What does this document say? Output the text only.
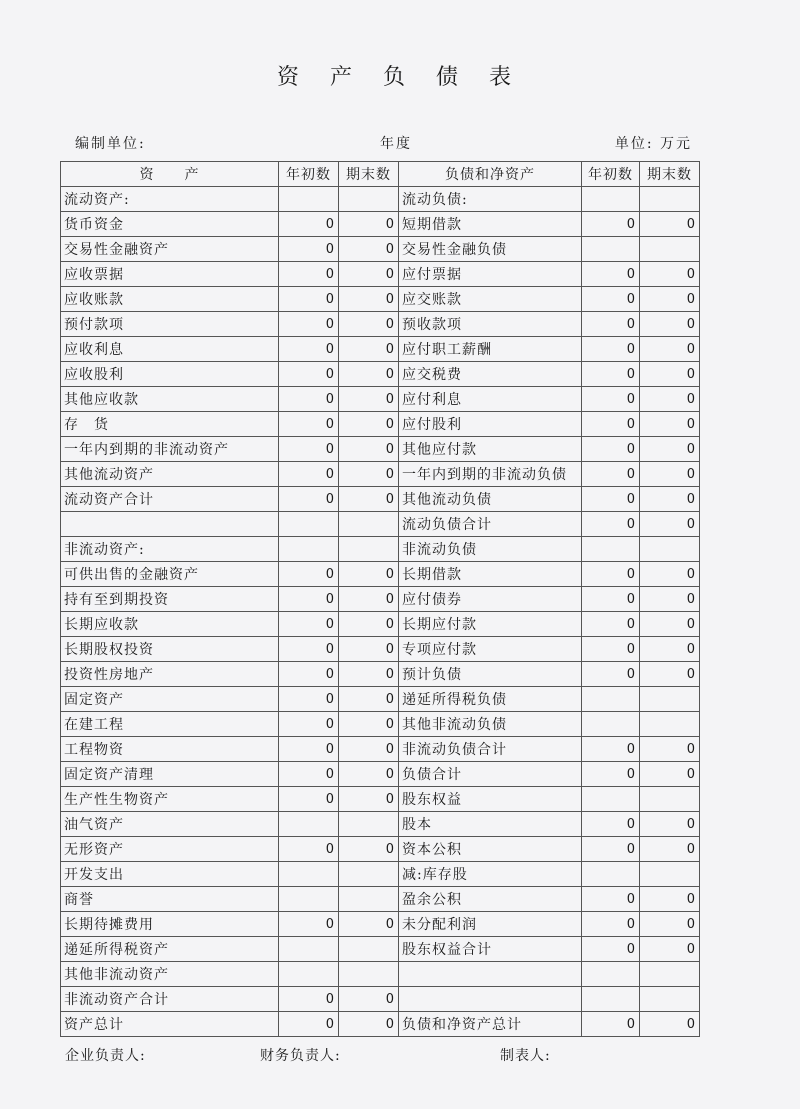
资 产 负 债 表
编制单位:	年度	单位: 万元
资　　产	年初数	期末数	负债和净资产	年初数	期末数
流动资产:			流动负债:		
货币资金	0	0	短期借款	0	0
交易性金融资产	0	0	交易性金融负债		
应收票据	0	0	应付票据	0	0
应收账款	0	0	应交账款	0	0
预付款项	0	0	预收款项	0	0
应收利息	0	0	应付职工薪酬	0	0
应收股利	0	0	应交税费	0	0
其他应收款	0	0	应付利息	0	0
存　货	0	0	应付股利	0	0
一年内到期的非流动资产	0	0	其他应付款	0	0
其他流动资产	0	0	一年内到期的非流动负债	0	0
流动资产合计	0	0	其他流动负债	0	0
			流动负债合计	0	0
非流动资产:			非流动负债		
可供出售的金融资产	0	0	长期借款	0	0
持有至到期投资	0	0	应付债券	0	0
长期应收款	0	0	长期应付款	0	0
长期股权投资	0	0	专项应付款	0	0
投资性房地产	0	0	预计负债	0	0
固定资产	0	0	递延所得税负债		
在建工程	0	0	其他非流动负债		
工程物资	0	0	非流动负债合计	0	0
固定资产清理	0	0	负债合计	0	0
生产性生物资产	0	0	股东权益		
油气资产			股本	0	0
无形资产	0	0	资本公积	0	0
开发支出			减:库存股		
商誉			盈余公积	0	0
长期待摊费用	0	0	未分配利润	0	0
递延所得税资产			股东权益合计	0	0
其他非流动资产					
非流动资产合计	0	0			
资产总计	0	0	负债和净资产总计	0	0
企业负责人:	财务负责人:	制表人:
